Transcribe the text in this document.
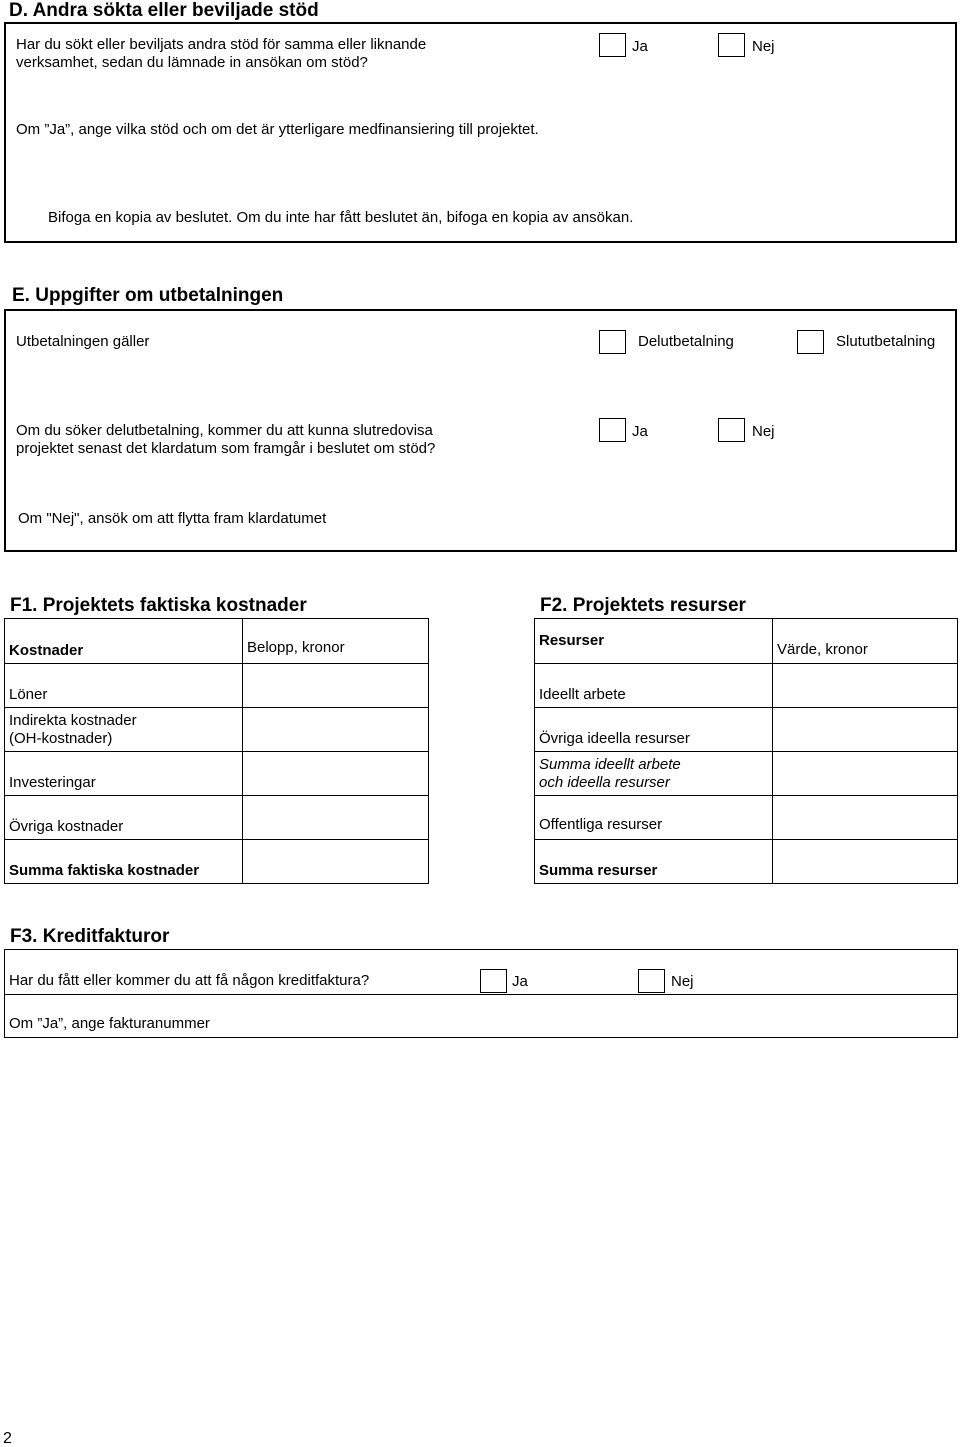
D. Andra sökta eller beviljade stöd
Har du sökt eller beviljats andra stöd för samma eller liknande
verksamhet, sedan du lämnade in ansökan om stöd?
Ja	Nej
Om ”Ja”, ange vilka stöd och om det är ytterligare medfinansiering till projektet.
Bifoga en kopia av beslutet. Om du inte har fått beslutet än, bifoga en kopia av ansökan.
E. Uppgifter om utbetalningen
Utbetalningen gäller	Delutbetalning	Slututbetalning
Om du söker delutbetalning, kommer du att kunna slutredovisa
projektet senast det klardatum som framgår i beslutet om stöd?
Ja	Nej
Om "Nej", ansök om att flytta fram klardatumet
F1. Projektets faktiska kostnader
Kostnader	Belopp, kronor
Löner	

Indirekta kostnader
(OH-kostnader)	

Investeringar	
Övriga kostnader	
Summa faktiska kostnader	
F2. Projektets resurser
Resurser	Värde, kronor
Ideellt arbete	
Övriga ideella resurser	

Summa ideellt arbete
och ideella resurser	

Offentliga resurser	
Summa resurser	
F3. Kreditfakturor
Har du fått eller kommer du att få någon kreditfaktura?
Om ”Ja”, ange fakturanummer
Ja	Nej
2
